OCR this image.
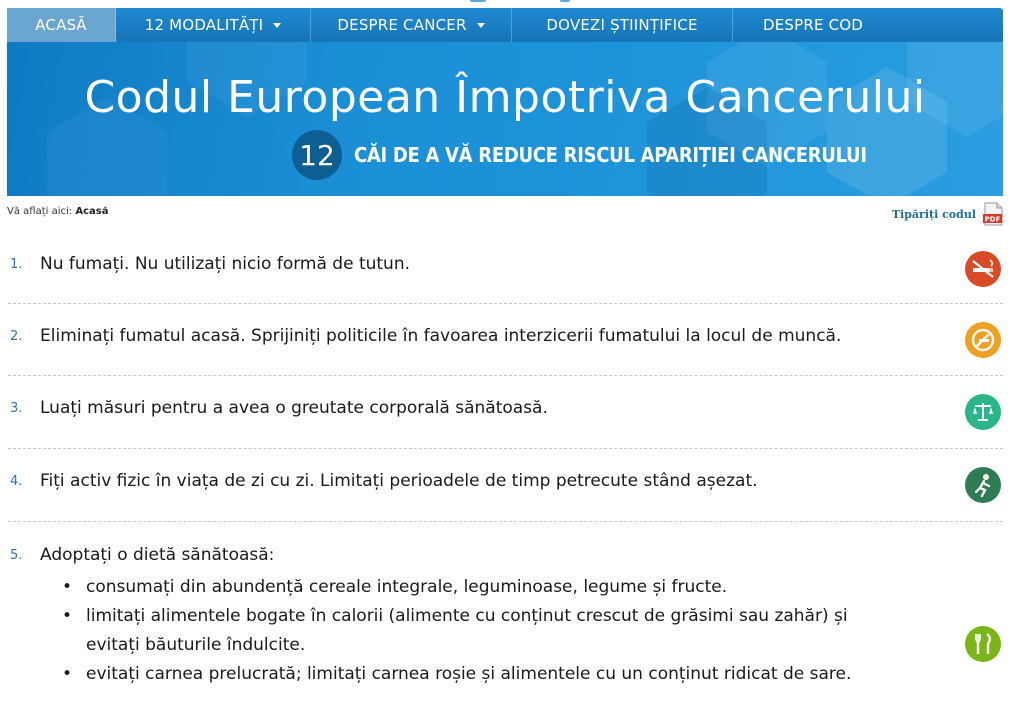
ACASĂ	12 MODALITĂȚI	DESPRE CANCER	DOVEZI ȘTIINȚIFICE	DESPRE COD
Codul European Împotriva Cancerului
12 CĂI DE A VĂ REDUCE RISCUL APARIȚIEI CANCERULUI
Vă aflați aici: Acasă	Tipăriți codul PDF
1. Nu fumați. Nu utilizați nicio formă de tutun.
2. Eliminați fumatul acasă. Sprijiniți politicile în favoarea interzicerii fumatului la locul de muncă.
3. Luați măsuri pentru a avea o greutate corporală sănătoasă.
4. Fiți activ fizic în viața de zi cu zi. Limitați perioadele de timp petrecute stând așezat.
5. Adoptați o dietă sănătoasă:
• consumați din abundență cereale integrale, leguminoase, legume și fructe.
• limitați alimentele bogate în calorii (alimente cu conținut crescut de grăsimi sau zahăr) și
evitați băuturile îndulcite.
• evitați carnea prelucrată; limitați carnea roșie și alimentele cu un conținut ridicat de sare.
